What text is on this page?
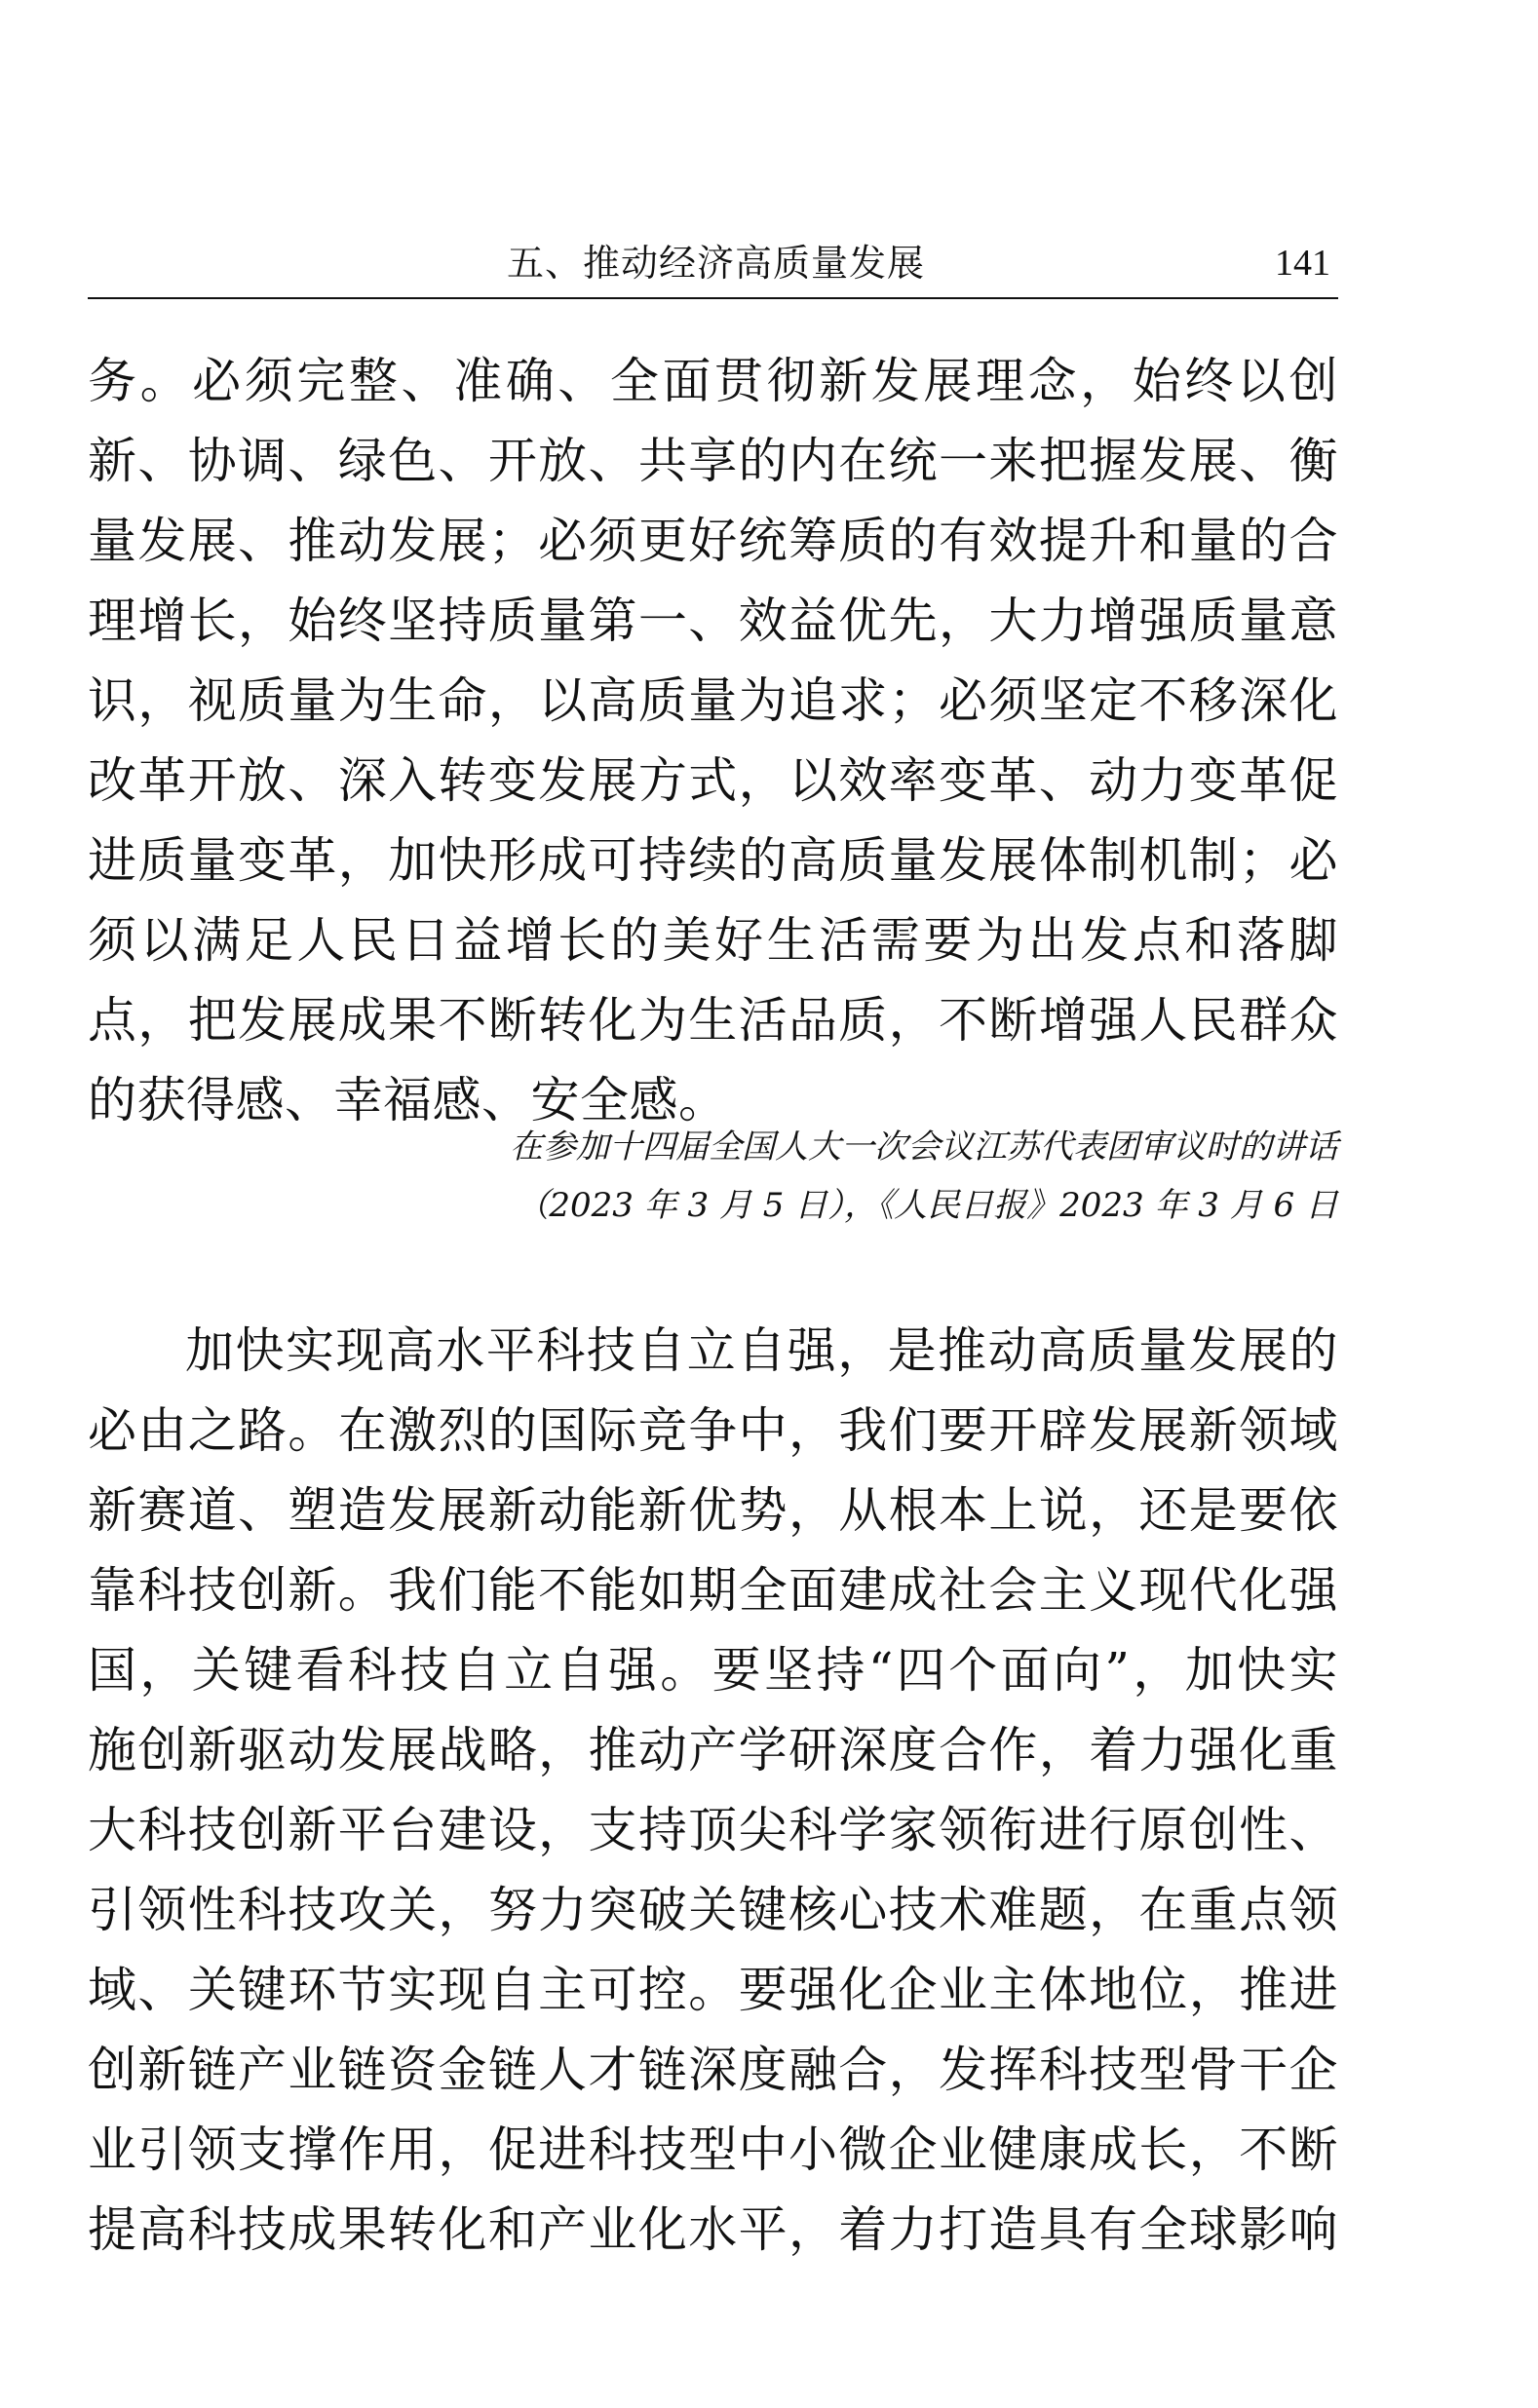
五、推动经济高质量发展	141
务。必须完整、准确、全面贯彻新发展理念，始终以创
新、协调、绿色、开放、共享的内在统一来把握发展、衡
量发展、推动发展；必须更好统筹质的有效提升和量的合
理增长，始终坚持质量第一、效益优先，大力增强质量意
识，视质量为生命，以高质量为追求；必须坚定不移深化
改革开放、深入转变发展方式，以效率变革、动力变革促
进质量变革，加快形成可持续的高质量发展体制机制；必
须以满足人民日益增长的美好生活需要为出发点和落脚
点，把发展成果不断转化为生活品质，不断增强人民群众
的获得感、幸福感、安全感。
在参加十四届全国人大一次会议江苏代表团审议时的讲话
（2023 年 3 月 5 日），《人民日报》2023 年 3 月 6 日
加快实现高水平科技自立自强，是推动高质量发展的
必由之路。在激烈的国际竞争中，我们要开辟发展新领域
新赛道、塑造发展新动能新优势，从根本上说，还是要依
靠科技创新。我们能不能如期全面建成社会主义现代化强
国，关键看科技自立自强。要坚持“四个面向”，加快实
施创新驱动发展战略，推动产学研深度合作，着力强化重
大科技创新平台建设，支持顶尖科学家领衔进行原创性、
引领性科技攻关，努力突破关键核心技术难题，在重点领
域、关键环节实现自主可控。要强化企业主体地位，推进
创新链产业链资金链人才链深度融合，发挥科技型骨干企
业引领支撑作用，促进科技型中小微企业健康成长，不断
提高科技成果转化和产业化水平，着力打造具有全球影响
